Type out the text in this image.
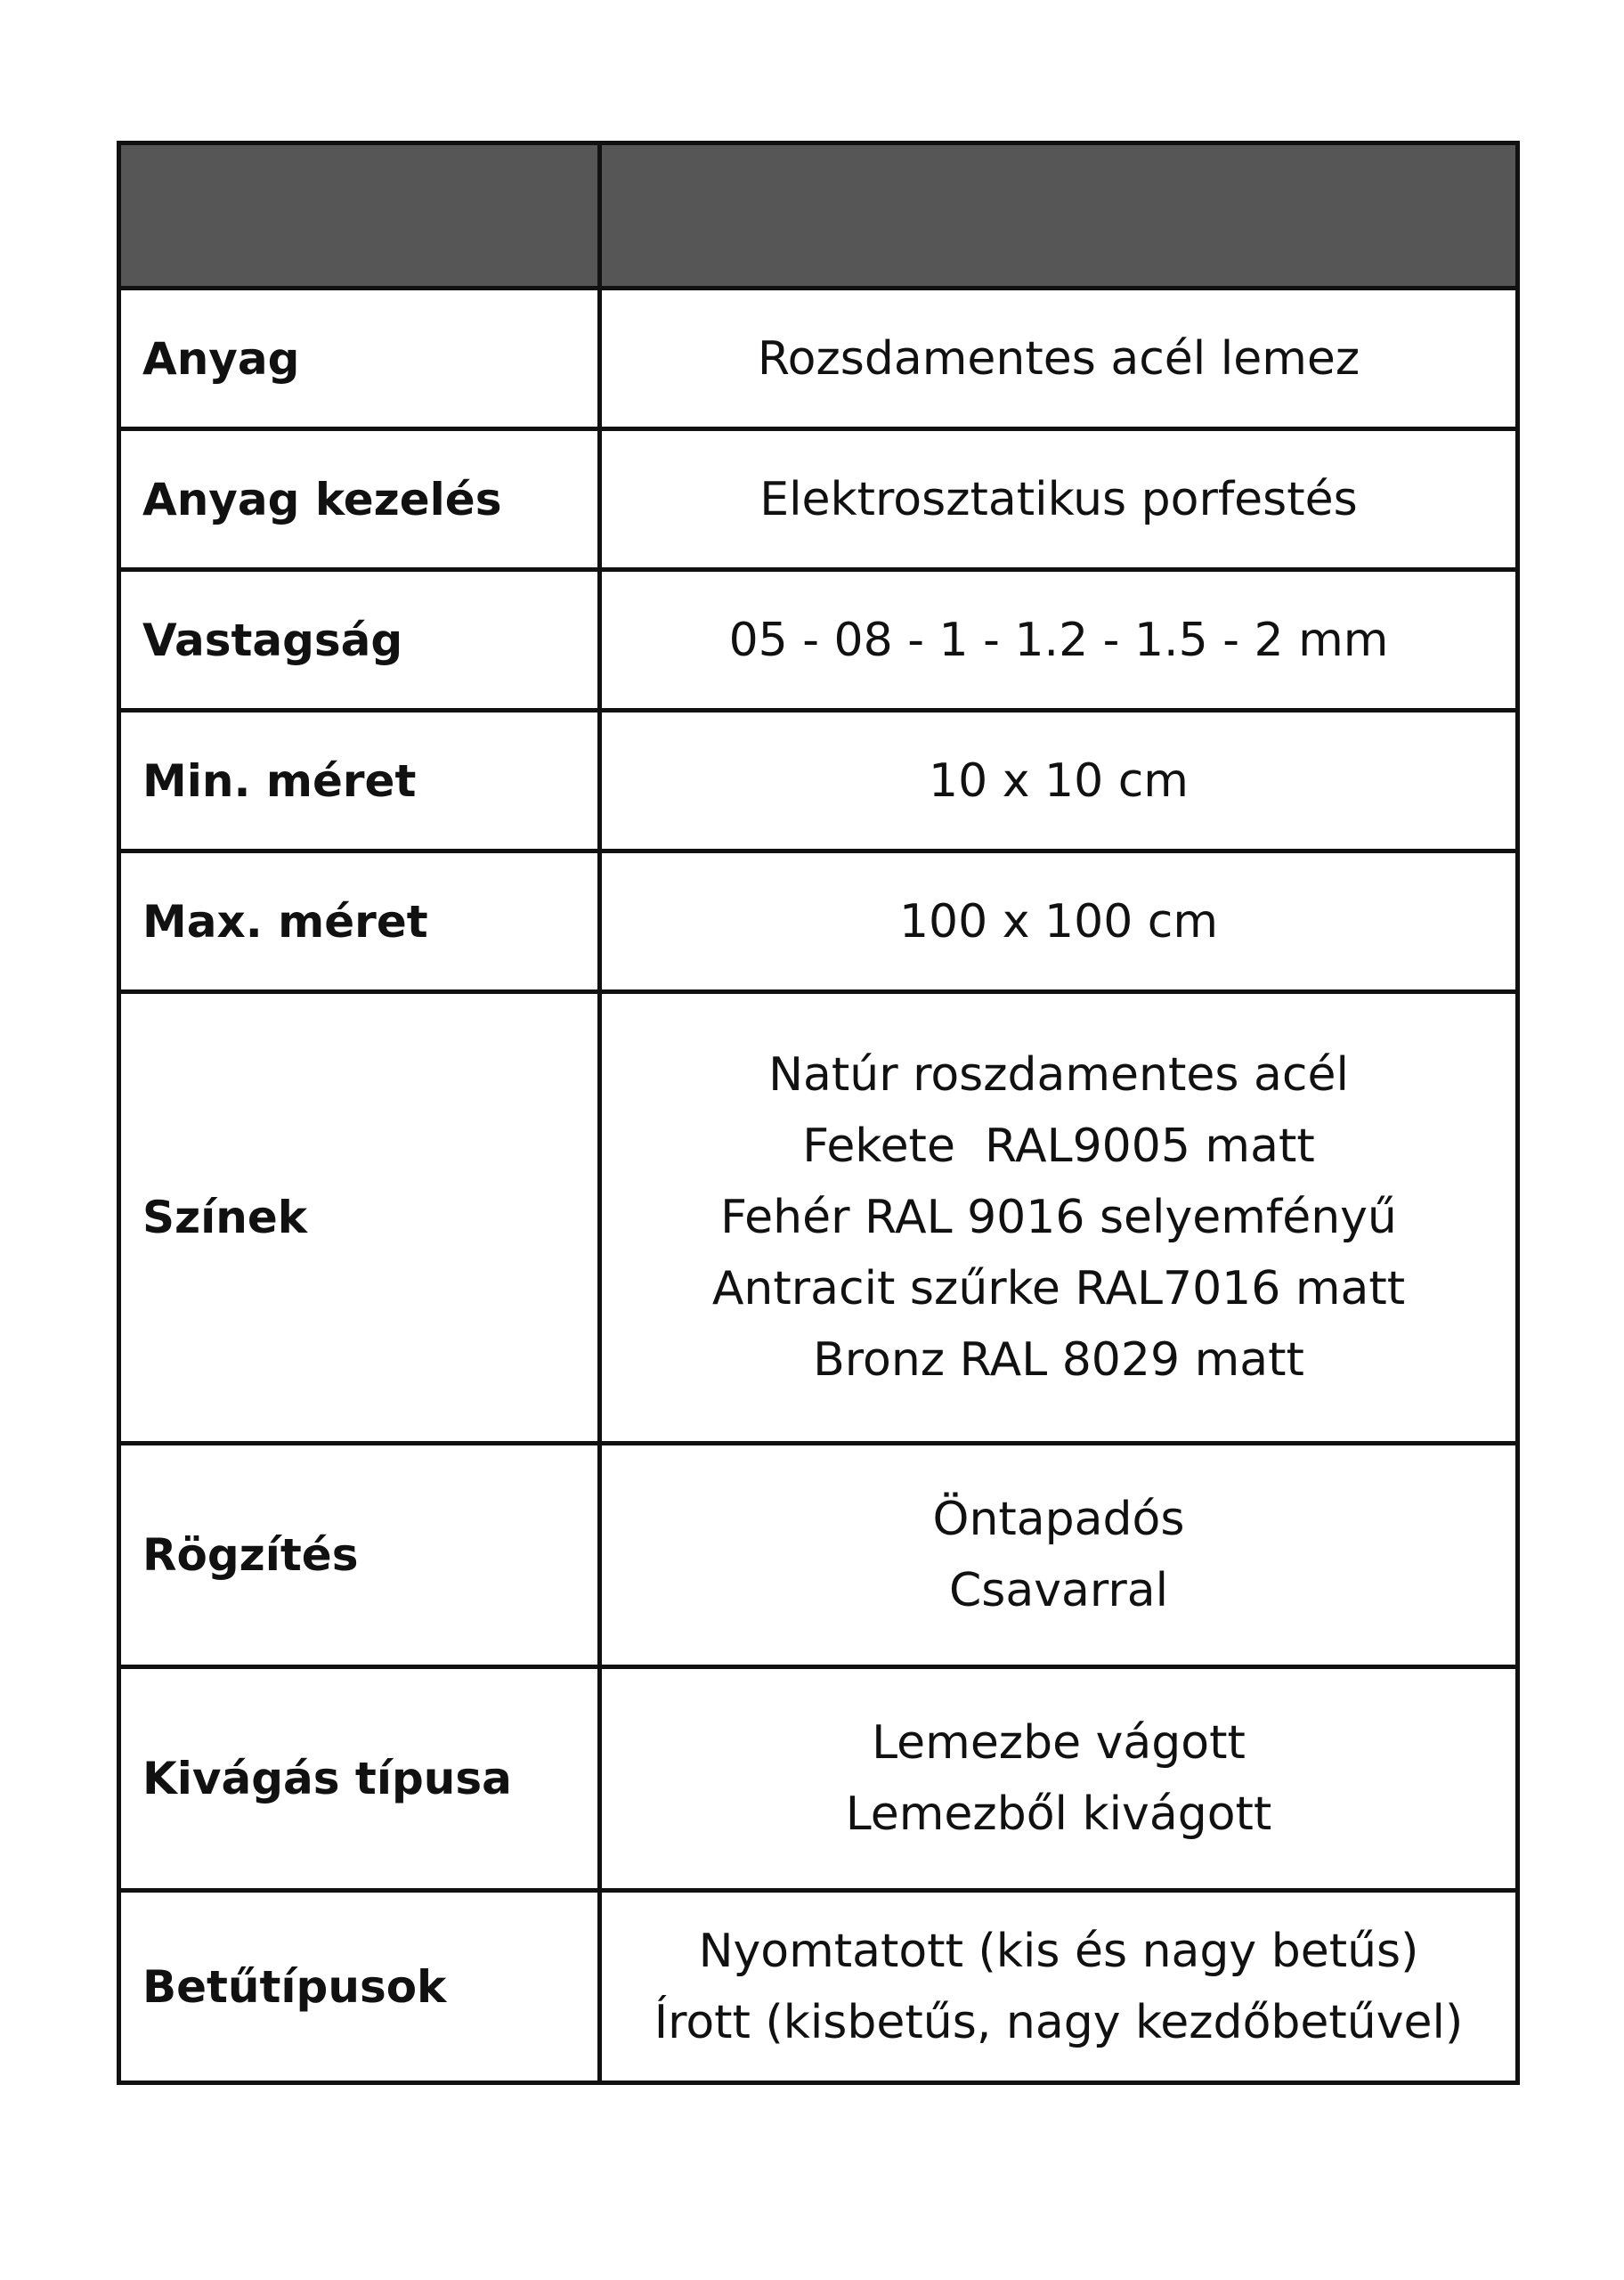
Anyag	Rozsdamentes acél lemez

Anyag kezelés	Elektrosztatikus porfestés

Vastagság	05 - 08 - 1 - 1.2 - 1.5 - 2 mm

Min. méret	10 x 10 cm

Max. méret	100 x 100 cm

Színek	Natúr roszdamentes acél
Fekete  RAL9005 matt
Fehér RAL 9016 selyemfényű
Antracit szűrke RAL7016 matt
Bronz RAL 8029 matt

Rögzítés	Öntapadós
Csavarral

Kivágás típusa	Lemezbe vágott
Lemezből kivágott

Betűtípusok	Nyomtatott (kis és nagy betűs)
Írott (kisbetűs, nagy kezdőbetűvel)
